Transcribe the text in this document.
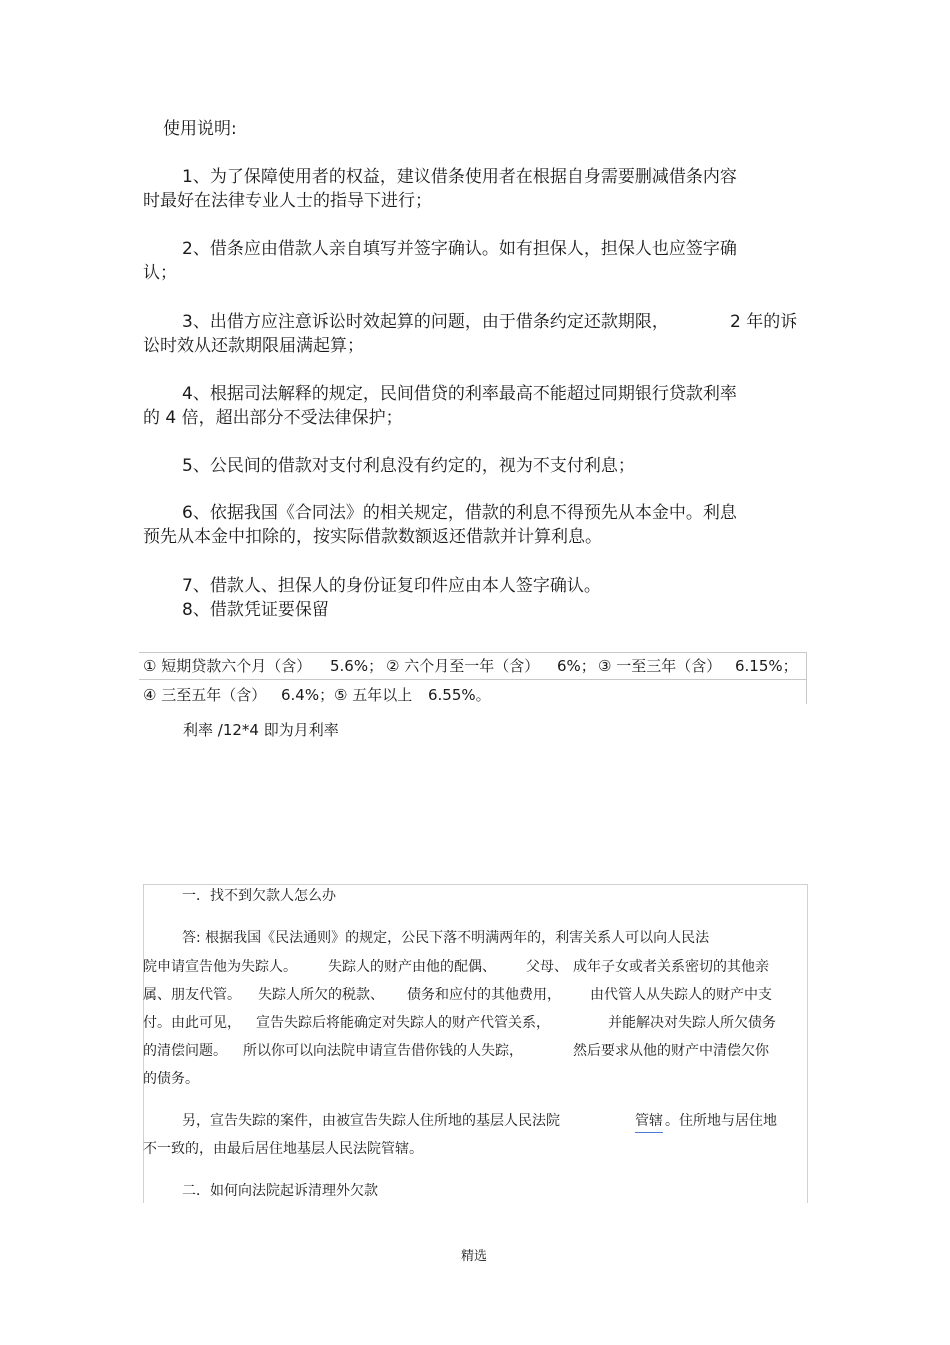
使用说明:
1、为了保障使用者的权益，建议借条使用者在根据自身需要删减借条内容
时最好在法律专业人士的指导下进行；
2、借条应由借款人亲自填写并签字确认。如有担保人，担保人也应签字确
认；
3、出借方应注意诉讼时效起算的问题，由于借条约定还款期限，	2 年的诉
讼时效从还款期限届满起算；
4、根据司法解释的规定，民间借贷的利率最高不能超过同期银行贷款利率
的 4 倍，超出部分不受法律保护；
5、公民间的借款对支付利息没有约定的，视为不支付利息；
6、依据我国《合同法》的相关规定，借款的利息不得预先从本金中。利息
预先从本金中扣除的，按实际借款数额返还借款并计算利息。
7、借款人、担保人的身份证复印件应由本人签字确认。
8、借款凭证要保留
① 短期贷款六个月（含） 5.6%； ② 六个月至一年（含） 6%； ③ 一至三年（含） 6.15%；
④ 三至五年（含） 6.4%； ⑤ 五年以上 6.55%。
利率 /12*4 即为月利率
一．找不到欠款人怎么办
答: 根据我国《民法通则》的规定，公民下落不明满两年的，利害关系人可以向人民法
院申请宣告他为失踪人。 失踪人的财产由他的配偶、 父母、 成年子女或者关系密切的其他亲
属、朋友代管。 失踪人所欠的税款、 债务和应付的其他费用， 由代管人从失踪人的财产中支
付。由此可见， 宣告失踪后将能确定对失踪人的财产代管关系，	并能解决对失踪人所欠债务
的清偿问题。 所以你可以向法院申请宣告借你钱的人失踪，	然后要求从他的财产中清偿欠你
的债务。
另，宣告失踪的案件，由被宣告失踪人住所地的基层人民法院	管辖 。住所地与居住地
不一致的，由最后居住地基层人民法院管辖。
二．如何向法院起诉清理外欠款
精选
